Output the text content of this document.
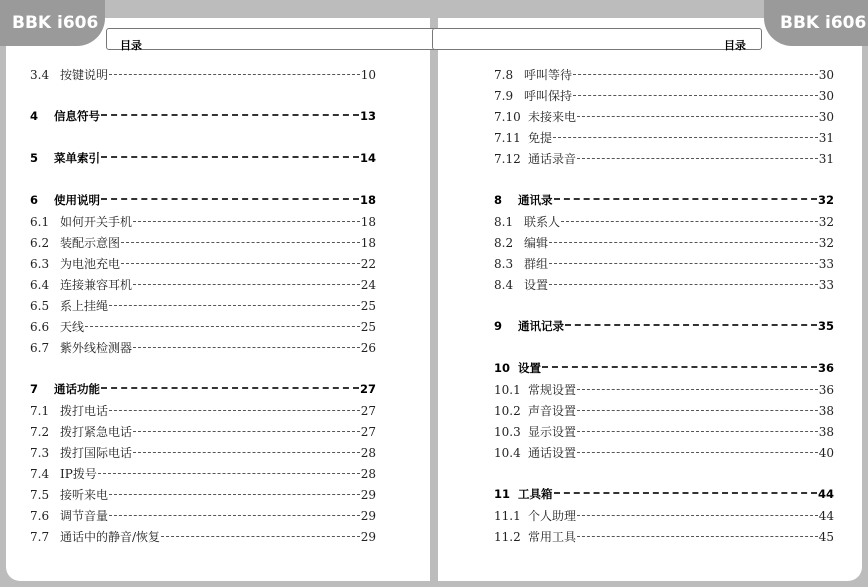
目录	目录
BBK i606	BBK i606
3.4 按键说明	10
4	信息符号	13
5	菜单索引	14
6	使用说明	18
6.1 如何开关手机	18
6.2 装配示意图	18
6.3 为电池充电	22
6.4 连接兼容耳机	24
6.5 系上挂绳	25
6.6 天线	25
6.7 紫外线检测器	26
7	通话功能	27
7.1 拨打电话	27
7.2 拨打紧急电话	27
7.3 拨打国际电话	28
7.4 IP拨号	28
7.5 接听来电	29
7.6 调节音量	29
7.7 通话中的静音/恢复	29
7.8 呼叫等待	30
7.9 呼叫保持	30
7.10 未接来电	30
7.11 免提	31
7.12 通话录音	31
8	通讯录	32
8.1 联系人	32
8.2 编辑	32
8.3 群组	33
8.4 设置	33
9	通讯记录	35
10 设置	36
10.1 常规设置	36
10.2 声音设置	38
10.3 显示设置	38
10.4 通话设置	40
11 工具箱	44
11.1 个人助理	44
11.2 常用工具	45
